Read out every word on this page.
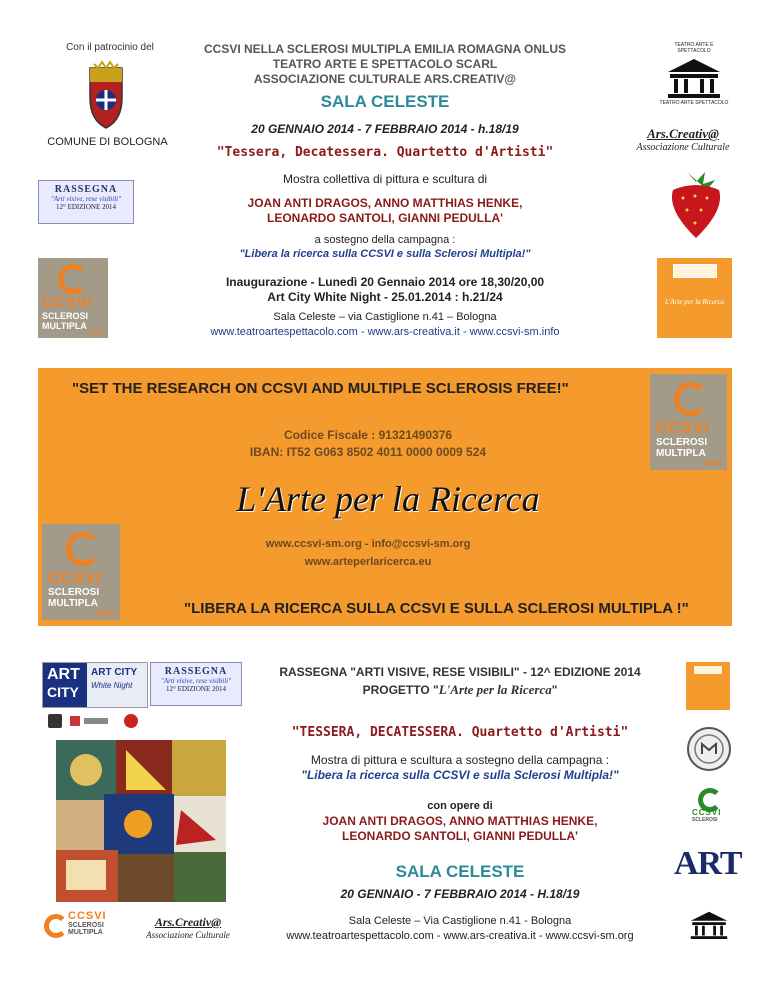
Con il patrocinio del
COMUNE DI BOLOGNA
CCSVI NELLA SCLEROSI MULTIPLA EMILIA ROMAGNA ONLUS
TEATRO ARTE E SPETTACOLO SCARL
ASSOCIAZIONE CULTURALE ARS.CREATIV@
SALA CELESTE
20 GENNAIO 2014 - 7 FEBBRAIO 2014 - h.18/19
"Tessera, Decatessera. Quartetto d'Artisti"
Mostra collettiva di pittura e scultura di
JOAN ANTI DRAGOS, ANNO MATTHIAS HENKE,
LEONARDO SANTOLI, GIANNI PEDULLA'
a sostegno della campagna :
"Libera la ricerca sulla CCSVI e sulla Sclerosi Multipla!"
Inaugurazione - Lunedì 20 Gennaio 2014 ore 18,30/20,00
Art City White Night - 25.01.2014 : h.21/24
Sala Celeste – via Castiglione n.41 – Bologna
www.teatroartespettacolo.com - www.ars-creativa.it - www.ccsvi-sm.info
RASSEGNA
"Arti visive, rese visibili"
12° EDIZIONE 2014
CCSVI
SCLEROSI
MULTIPLA
onlus
TEATRO ARTE E SPETTACOLO
TEATRO ARTE SPETTACOLO
Ars.Creativ@
Associazione Culturale
L'Arte per la Ricerca
"SET THE RESEARCH ON CCSVI AND MULTIPLE SCLEROSIS FREE!"
Codice Fiscale : 91321490376
IBAN: IT52 G063 8502 4011 0000 0009 524
L'Arte per la Ricerca
www.ccsvi-sm.org - info@ccsvi-sm.org
www.arteperlaricerca.eu
"LIBERA LA RICERCA SULLA CCSVI E SULLA SCLEROSI MULTIPLA !"
CCSVI
SCLEROSI
MULTIPLA
onlus
CCSVI
SCLEROSI
MULTIPLA
onlus
ART
CITY
ART CITY
White Night
RASSEGNA
"Arti visive, rese visibili"
12° EDIZIONE 2014
RASSEGNA "ARTI VISIVE, RESE VISIBILI" - 12^ EDIZIONE 2014
PROGETTO "L'Arte per la Ricerca"
"TESSERA, DECATESSERA. Quartetto d'Artisti"
Mostra di pittura e scultura a sostegno della campagna :
"Libera la ricerca sulla CCSVI e sulla Sclerosi Multipla!"
con opere di
JOAN ANTI DRAGOS, ANNO MATTHIAS HENKE,
LEONARDO SANTOLI, GIANNI PEDULLA'
SALA CELESTE
20 GENNAIO - 7 FEBBRAIO 2014 - H.18/19
Sala Celeste – Via Castiglione n.41 - Bologna
www.teatroartespettacolo.com - www.ars-creativa.it - www.ccsvi-sm.org
CCSVI
SCLEROSI
MULTIPLA
Ars.Creativ@
Associazione Culturale
CCSVI
SCLEROSI
ART
